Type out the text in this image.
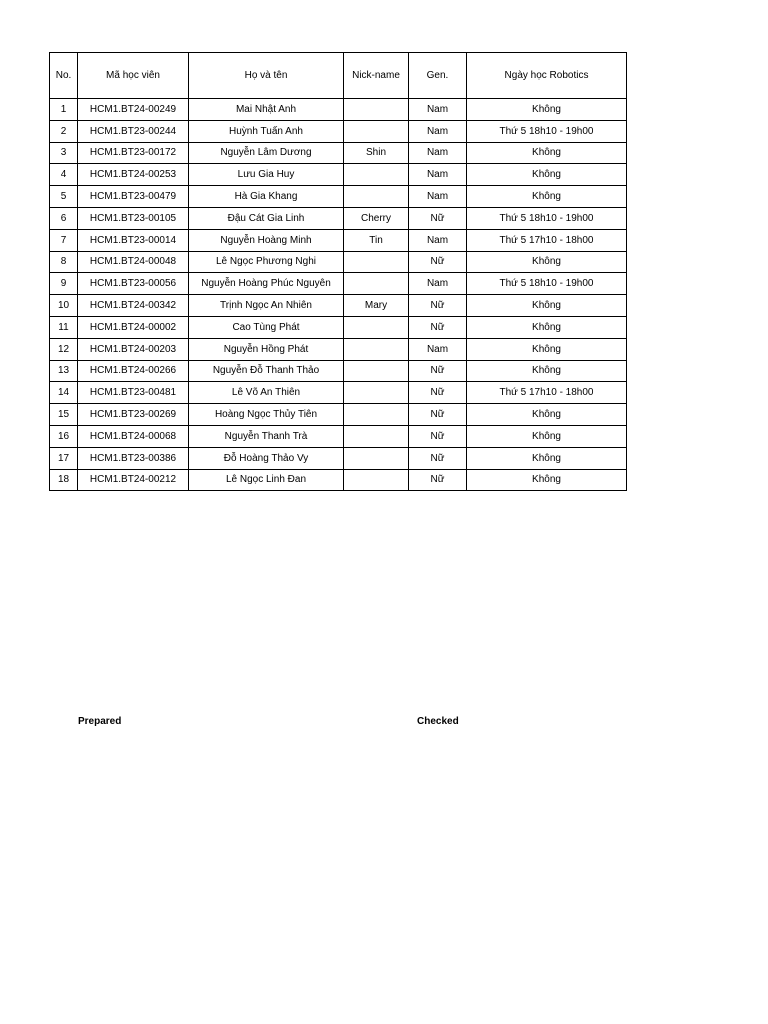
No.	Mã học viên	Họ và tên	Nick-name	Gen.	Ngày học Robotics
1	HCM1.BT24-00249	Mai Nhật Anh		Nam	Không
2	HCM1.BT23-00244	Huỳnh Tuấn Anh		Nam	Thứ 5 18h10 - 19h00
3	HCM1.BT23-00172	Nguyễn Lâm Dương	Shin	Nam	Không
4	HCM1.BT24-00253	Lưu Gia Huy		Nam	Không
5	HCM1.BT23-00479	Hà Gia Khang		Nam	Không
6	HCM1.BT23-00105	Đậu Cát Gia Linh	Cherry	Nữ	Thứ 5 18h10 - 19h00
7	HCM1.BT23-00014	Nguyễn Hoàng Minh	Tin	Nam	Thứ 5 17h10 - 18h00
8	HCM1.BT24-00048	Lê Ngọc Phương Nghi		Nữ	Không
9	HCM1.BT23-00056	Nguyễn Hoàng Phúc Nguyên		Nam	Thứ 5 18h10 - 19h00
10	HCM1.BT24-00342	Trịnh Ngọc An Nhiên	Mary	Nữ	Không
11	HCM1.BT24-00002	Cao Tùng Phát		Nữ	Không
12	HCM1.BT24-00203	Nguyễn Hồng Phát		Nam	Không
13	HCM1.BT24-00266	Nguyễn Đỗ Thanh Thảo		Nữ	Không
14	HCM1.BT23-00481	Lê Võ An Thiên		Nữ	Thứ 5 17h10 - 18h00
15	HCM1.BT23-00269	Hoàng Ngọc Thủy Tiên		Nữ	Không
16	HCM1.BT24-00068	Nguyễn Thanh Trà		Nữ	Không
17	HCM1.BT23-00386	Đỗ Hoàng Thảo Vy		Nữ	Không
18	HCM1.BT24-00212	Lê Ngọc Linh Đan		Nữ	Không
Prepared	Checked
